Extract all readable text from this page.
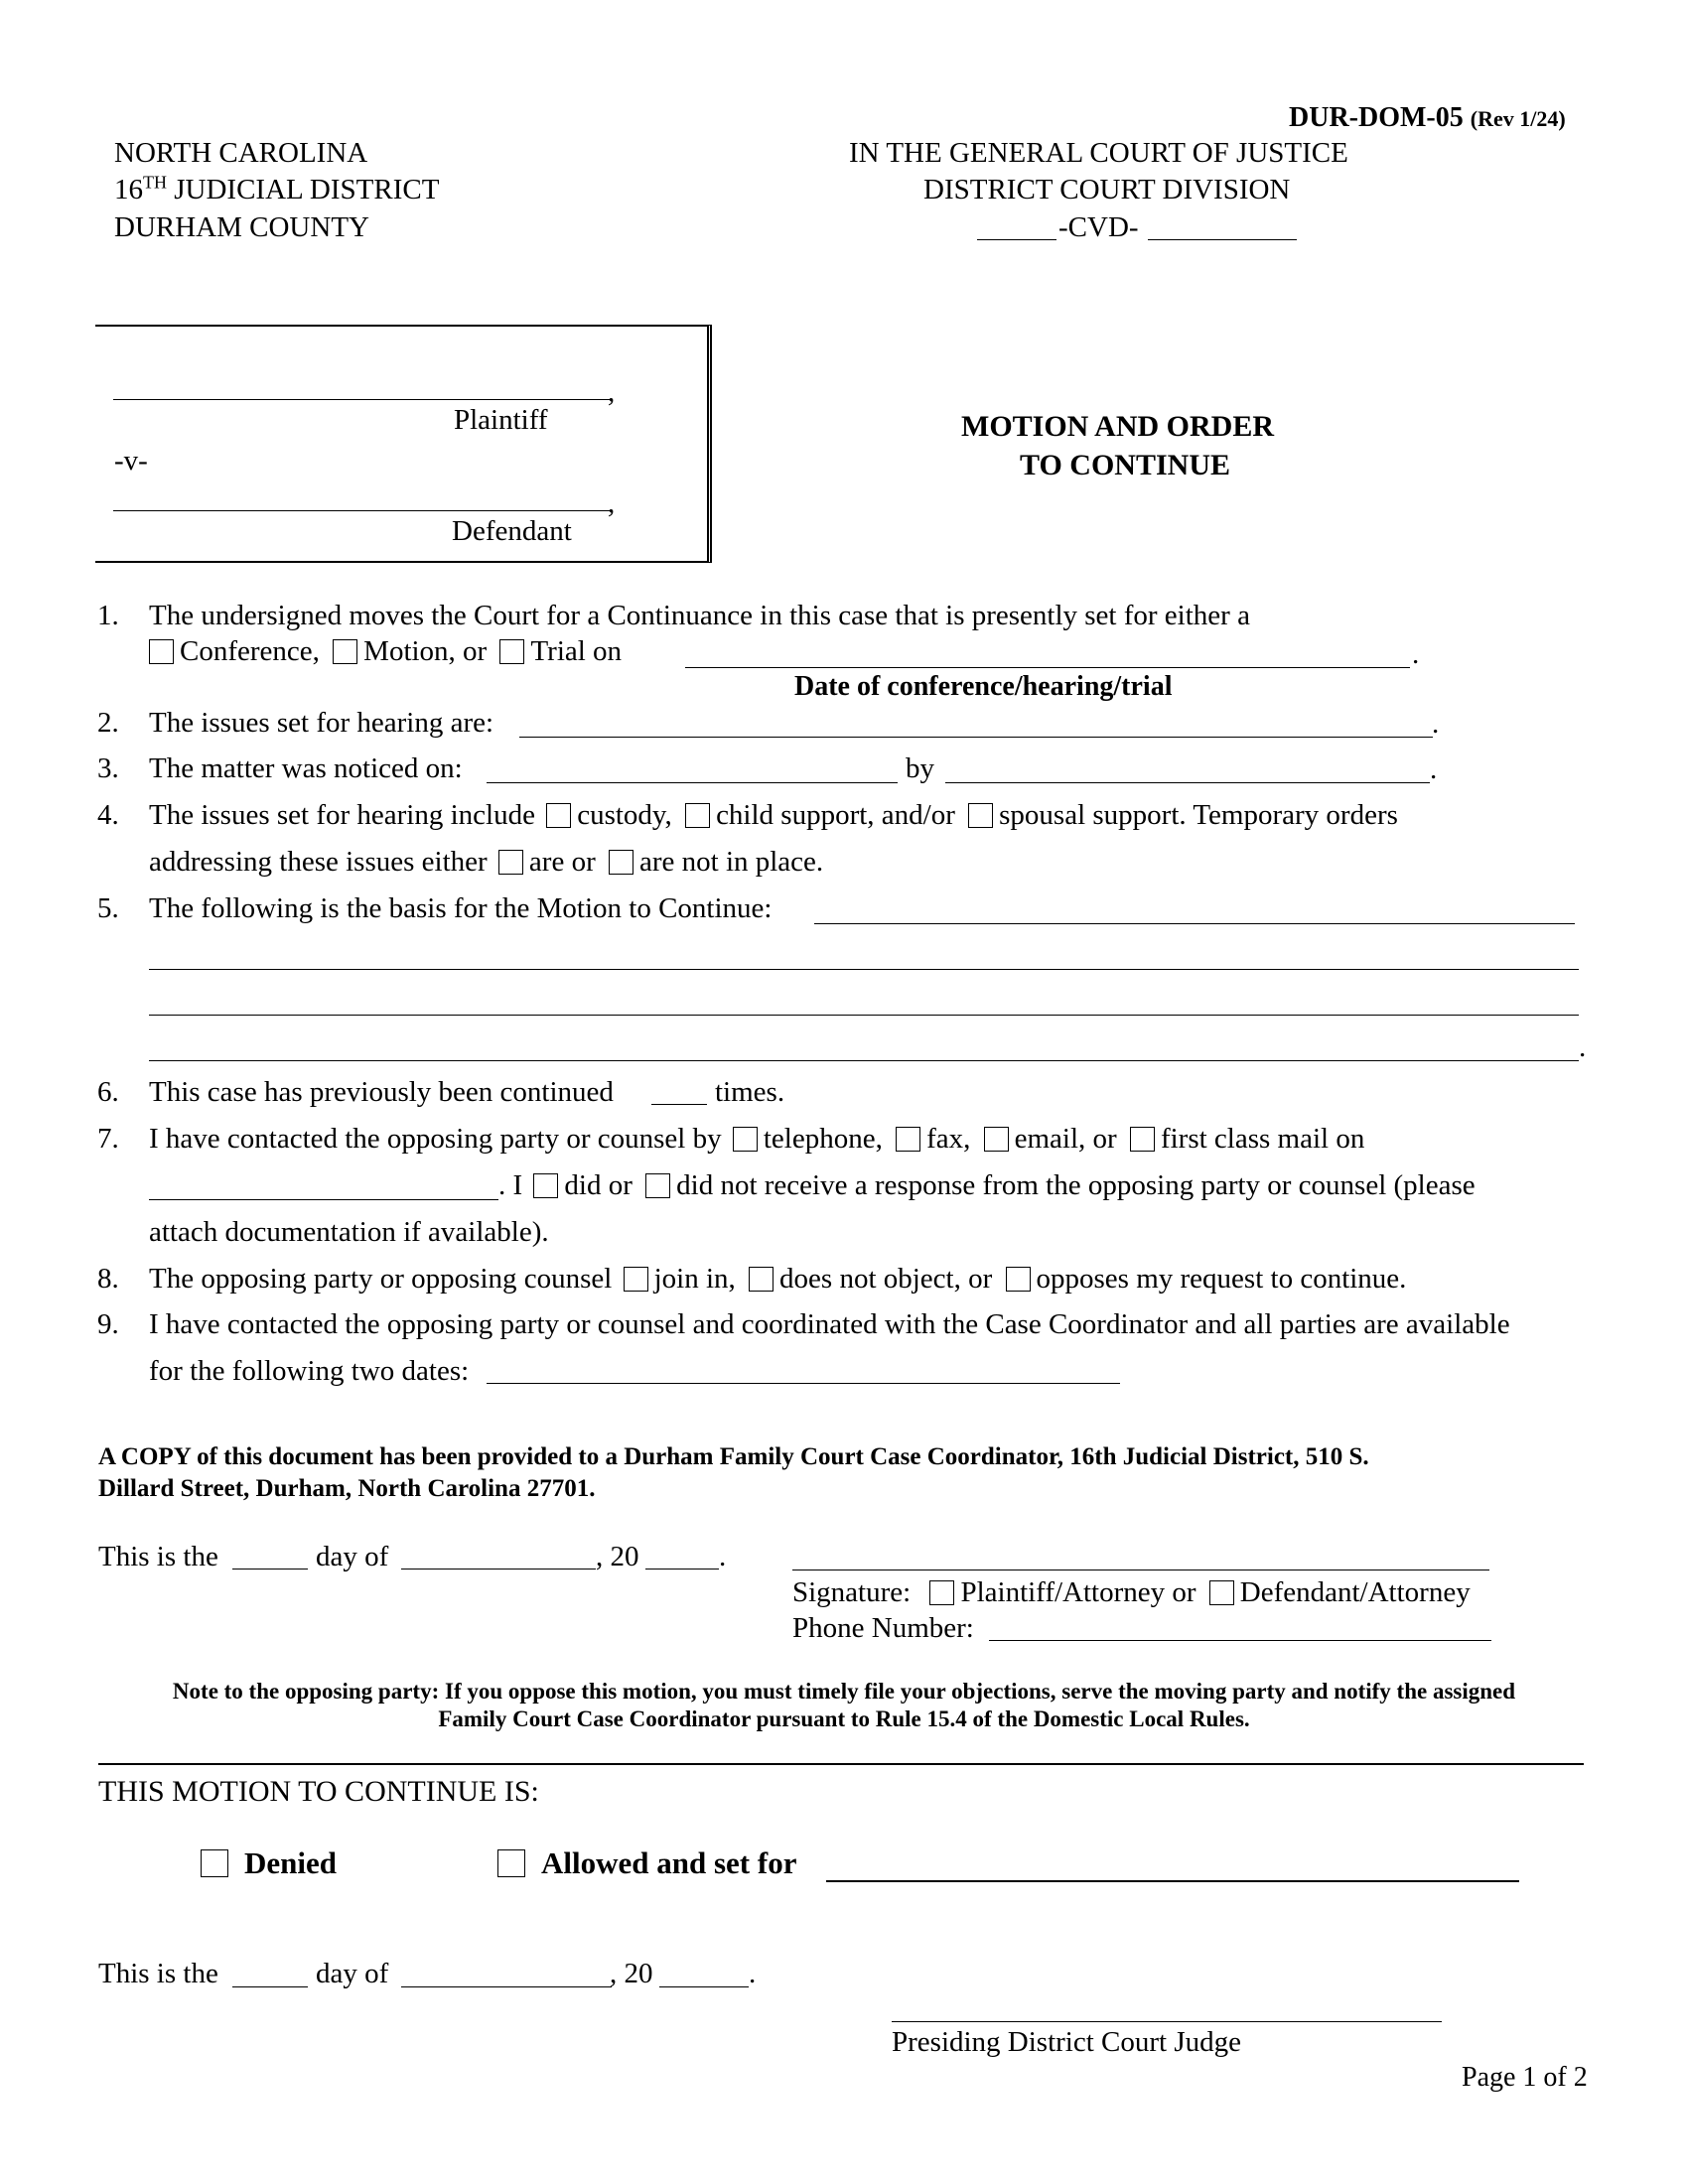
DUR-DOM-05 (Rev 1/24)
NORTH CAROLINA
16TH JUDICIAL DISTRICT
DURHAM COUNTY
IN THE GENERAL COURT OF JUSTICE
DISTRICT COURT DIVISION
-CVD-
,
Plaintiff
-v-
,
Defendant
MOTION AND ORDER
TO CONTINUE
1. The undersigned moves the Court for a Continuance in this case that is presently set for either a
Conference, Motion, or Trial on	.
Date of conference/hearing/trial
2. The issues set for hearing are:	.
3. The matter was noticed on:	by	.
4. The issues set for hearing include custody, child support, and/or spousal support. Temporary orders
addressing these issues either are or are not in place.
5. The following is the basis for the Motion to Continue:
.
6. This case has previously been continued	times.
7. I have contacted the opposing party or counsel by telephone, fax, email, or first class mail on
. I did or did not receive a response from the opposing party or counsel (please
attach documentation if available).
8. The opposing party or opposing counsel join in, does not object, or opposes my request to continue.
9. I have contacted the opposing party or counsel and coordinated with the Case Coordinator and all parties are available
for the following two dates:
A COPY of this document has been provided to a Durham Family Court Case Coordinator, 16th Judicial District, 510 S.
Dillard Street, Durham, North Carolina 27701.
This is the	day of	, 20	.
Signature: Plaintiff/Attorney or Defendant/Attorney
Phone Number:
Note to the opposing party: If you oppose this motion, you must timely file your objections, serve the moving party and notify the assigned
Family Court Case Coordinator pursuant to Rule 15.4 of the Domestic Local Rules.
THIS MOTION TO CONTINUE IS:
Denied	Allowed and set for
This is the	day of	, 20	.
Presiding District Court Judge
Page 1 of 2
